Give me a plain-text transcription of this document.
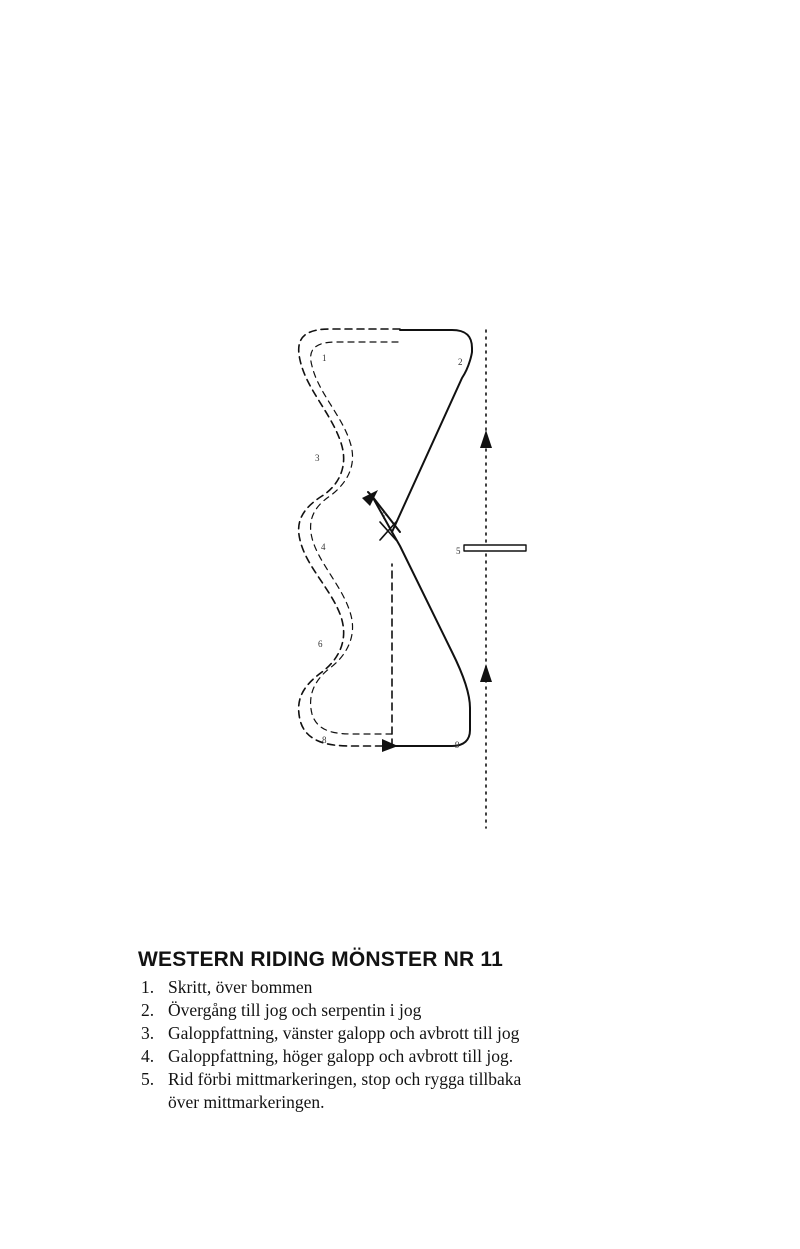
1	2
3
4	5
6
7
8	9
WESTERN RIDING MÖNSTER NR 11
1. Skritt, över bommen
2. Övergång till jog och serpentin i jog
3. Galoppfattning, vänster galopp och avbrott till jog
4. Galoppfattning, höger galopp och avbrott till jog.
5. Rid förbi mittmarkeringen, stop och rygga tillbaka
över mittmarkeringen.
